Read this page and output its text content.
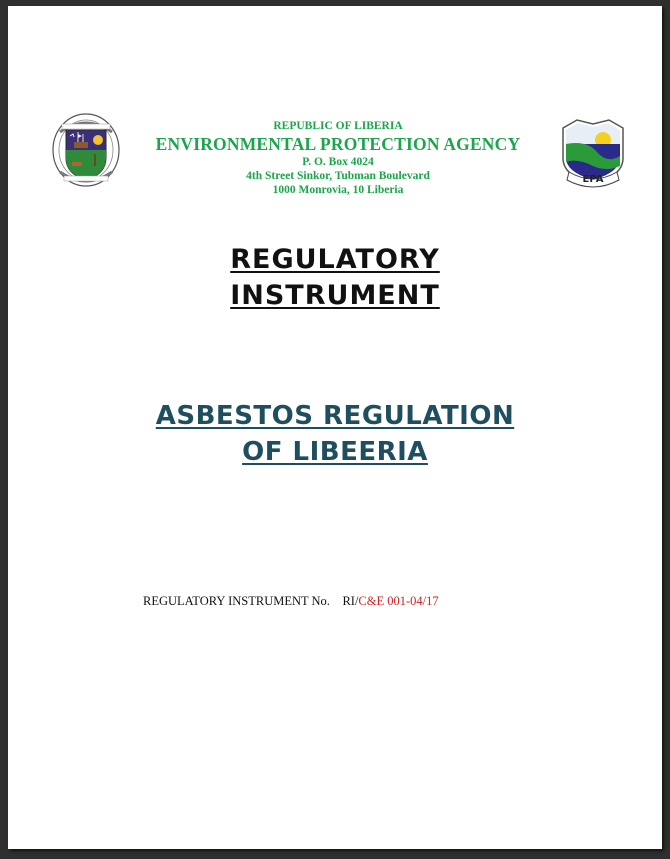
REPUBLIC OF LIBERIA
ENVIRONMENTAL PROTECTION AGENCY
P. O. Box 4024
4th Street Sinkor, Tubman Boulevard
1000 Monrovia, 10 Liberia
EPA
REGULATORY
INSTRUMENT
ASBESTOS REGULATION
OF LIBEERIA
REGULATORY INSTRUMENT No. RI/C&E 001-04/17
